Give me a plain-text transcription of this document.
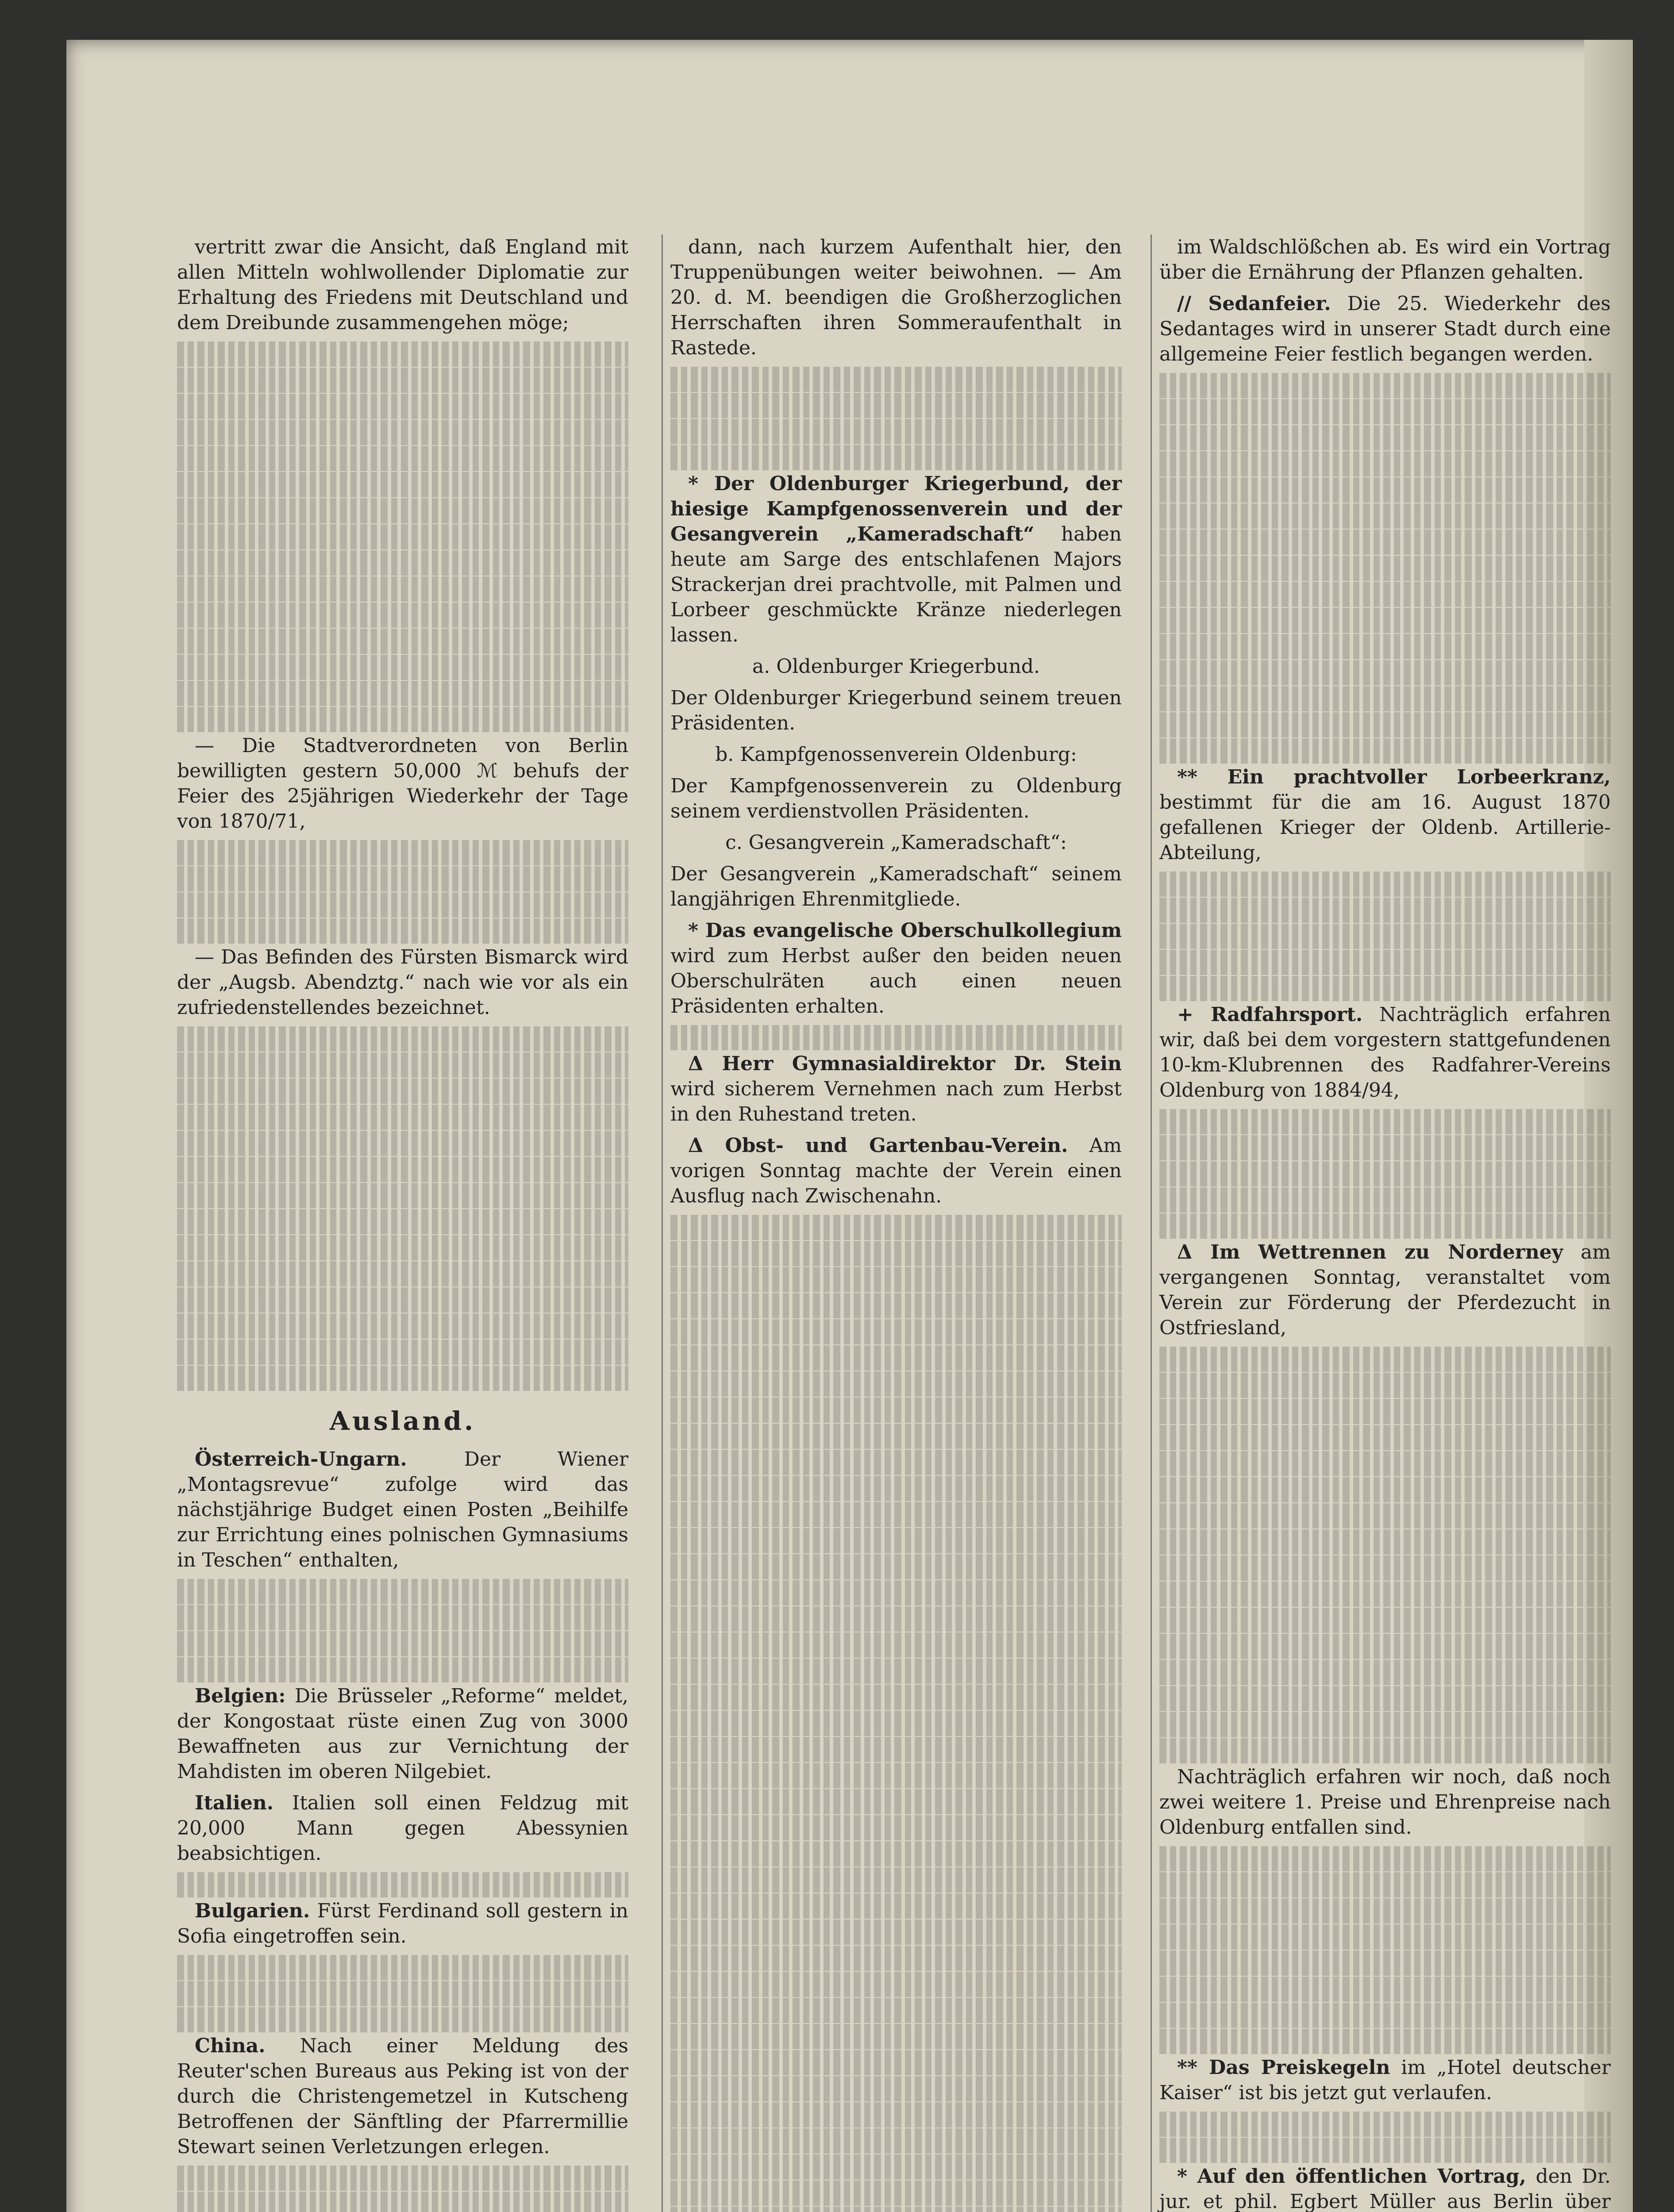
vertritt zwar die Ansicht, daß England mit allen Mitteln wohlwollender Diplomatie zur Erhaltung des Friedens mit Deutschland und dem Dreibunde zusammengehen möge;

— Die Stadtverordneten von Berlin bewilligten gestern 50,000 ℳ behufs der Feier des 25jährigen Wiederkehr der Tage von 1870/71,

— Das Befinden des Fürsten Bismarck wird der „Augsb. Abendztg.“ nach wie vor als ein zufriedenstellendes bezeichnet.

Ausland.

Österreich-Ungarn.	Der Wiener „Montagsrevue“ zufolge wird das nächstjährige Budget einen Posten „Beihilfe zur Errichtung eines polnischen Gymnasiums in Teschen“ enthalten,

Belgien: Die Brüsseler „Reforme“ meldet, der Kongostaat rüste einen Zug von 3000 Bewaffneten aus zur Vernichtung der Mahdisten im oberen Nilgebiet.

Italien. Italien soll einen Feldzug mit 20,000 Mann gegen Abessynien beabsichtigen.

Bulgarien. Fürst Ferdinand soll gestern in Sofia eingetroffen sein.

China. Nach einer Meldung des Reuter'schen Bureaus aus Peking ist von der durch die Christengemetzel in Kutscheng Betroffenen der Sänftling der Pfarrermillie Stewart seinen Verletzungen erlegen.

dann, nach kurzem Aufenthalt hier, den Truppenübungen weiter beiwohnen. — Am 20. d. M. beendigen die Großherzoglichen Herrschaften ihren Sommeraufenthalt in Rastede.

* Der Oldenburger Kriegerbund, der hiesige Kampfgenossenverein und der Gesangverein „Kameradschaft“ haben heute am Sarge des entschlafenen Majors Strackerjan drei prachtvolle, mit Palmen und Lorbeer geschmückte Kränze niederlegen lassen.

a. Oldenburger Kriegerbund.

Der Oldenburger Kriegerbund seinem treuen Präsidenten.

b. Kampfgenossenverein Oldenburg:

Der Kampfgenossenverein zu Oldenburg seinem verdienstvollen Präsidenten.

c. Gesangverein „Kameradschaft“:

Der Gesangverein „Kameradschaft“ seinem langjährigen Ehrenmitgliede.

* Das evangelische Oberschulkollegium wird zum Herbst außer den beiden neuen Oberschulräten auch einen neuen Präsidenten erhalten.

Δ Herr Gymnasialdirektor Dr. Stein wird sicherem Vernehmen nach zum Herbst in den Ruhestand treten.

Δ Obst- und Gartenbau-Verein. Am vorigen Sonntag machte der Verein einen Ausflug nach Zwischenahn.

im Waldschlößchen ab. Es wird ein Vortrag über die Ernährung der Pflanzen gehalten.

// Sedanfeier. Die 25. Wiederkehr des Sedantages wird in unserer Stadt durch eine allgemeine Feier festlich begangen werden.

** Ein prachtvoller Lorbeerkranz, bestimmt für die am 16. August 1870 gefallenen Krieger der Oldenb. Artillerie-Abteilung,

+ Radfahrsport. Nachträglich erfahren wir, daß bei dem vorgestern stattgefundenen 10-km-Klubrennen des Radfahrer-Vereins Oldenburg von 1884/94,

Δ Im Wettrennen zu Norderney am vergangenen Sonntag, veranstaltet vom Verein zur Förderung der Pferdezucht in Ostfriesland,

Nachträglich erfahren wir noch, daß noch zwei weitere 1. Preise und Ehrenpreise nach Oldenburg entfallen sind.

** Das Preiskegeln im „Hotel deutscher Kaiser“ ist bis jetzt gut verlaufen.

* Auf den öffentlichen Vortrag, den Dr. jur. et phil. Egbert Müller aus Berlin über
